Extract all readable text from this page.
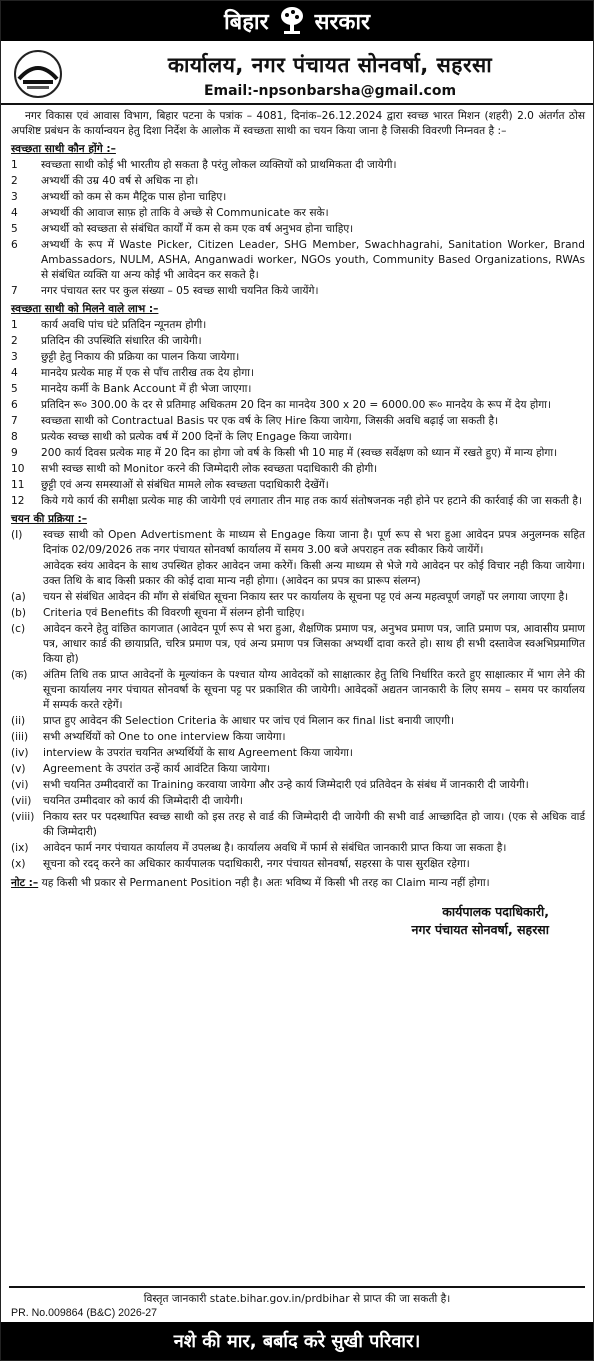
बिहार सरकार
कार्यालय, नगर पंचायत सोनवर्षा, सहरसा
Email:-npsonbarsha@gmail.com

नगर विकास एवं आवास विभाग, बिहार पटना के पत्रांक – 4081, दिनांक–26.12.2024 द्वारा स्वच्छ भारत मिशन (शहरी) 2.0 अंतर्गत ठोस अपशिष्ट प्रबंधन के कार्यान्वयन हेतु दिशा निर्देश के आलोक में स्वच्छता साथी का चयन किया जाना है जिसकी विवरणी निम्नवत है :–

स्वच्छता साथी कौन होंगे :–
1	स्वच्छता साथी कोई भी भारतीय हो सकता है परंतु लोकल व्यक्तियों को प्राथमिकता दी जायेगी।
2	अभ्यर्थी की उम्र 40 वर्ष से अधिक ना हो।
3	अभ्यर्थी को कम से कम मैट्रिक पास होना चाहिए।
4	अभ्यर्थी की आवाज साफ़ हो ताकि वे अच्छे से Communicate कर सके।
5	अभ्यर्थी को स्वच्छता से संबंधित कार्यों में कम से कम एक वर्ष अनुभव होना चाहिए।
6	अभ्यर्थी के रूप में Waste Picker, Citizen Leader, SHG Member, Swachhagrahi, Sanitation Worker, Brand Ambassadors, NULM, ASHA, Anganwadi worker, NGOs youth, Community Based Organizations, RWAs से संबंधित व्यक्ति या अन्य कोई भी आवेदन कर सकते है।
7	नगर पंचायत स्तर पर कुल संख्या – 05 स्वच्छ साथी चयनित किये जायेंगे।
स्वच्छता साथी को मिलने वाले लाभ :–
1	कार्य अवधि पांच घंटे प्रतिदिन न्यूनतम होगी।
2	प्रतिदिन की उपस्थिति संधारित की जायेगी।
3	छुट्टी हेतु निकाय की प्रक्रिया का पालन किया जायेगा।
4	मानदेय प्रत्येक माह में एक से पाँच तारीख तक देय होगा।
5	मानदेय कर्मी के Bank Account में ही भेजा जाएगा।
6	प्रतिदिन रू० 300.00 के दर से प्रतिमाह अधिकतम 20 दिन का मानदेय 300 x 20 = 6000.00 रू० मानदेय के रूप में देय होगा।
7	स्वच्छता साथी को Contractual Basis पर एक वर्ष के लिए Hire किया जायेगा, जिसकी अवधि बढ़ाई जा सकती है।
8	प्रत्येक स्वच्छ साथी को प्रत्येक वर्ष में 200 दिनों के लिए Engage किया जायेगा।
9	200 कार्य दिवस प्रत्येक माह में 20 दिन का होगा जो वर्ष के किसी भी 10 माह में (स्वच्छ सर्वेक्षण को ध्यान में रखते हुए) में मान्य होगा।
10	सभी स्वच्छ साथी को Monitor करने की जिम्मेदारी लोक स्वच्छता पदाधिकारी की होगी।
11	छुट्टी एवं अन्य समस्याओं से संबंधित मामले लोक स्वच्छता पदाधिकारी देखेंगें।
12	किये गये कार्य की समीक्षा प्रत्येक माह की जायेगी एवं लगातार तीन माह तक कार्य संतोषजनक नही होने पर हटाने की कार्रवाई की जा सकती है।
चयन की प्रक्रिया :–
(I)	स्वच्छ साथी को Open Advertisment के माध्यम से Engage किया जाना है। पूर्ण रूप से भरा हुआ आवेदन प्रपत्र अनुलग्नक सहित दिनांक 02/09/2026 तक नगर पंचायत सोनवर्षा कार्यालय में समय 3.00 बजे अपराहन तक स्वीकार किये जायेंगें।
आवेदक स्वंय आवेदन के साथ उपस्थित होकर आवेदन जमा करेगें। किसी अन्य माध्यम से भेजे गये आवेदन पर कोई विचार नही किया जायेगा। उक्त तिथि के बाद किसी प्रकार की कोई दावा मान्य नही होगा। (आवेदन का प्रपत्र का प्रारूप संलग्न)
(a)	चयन से संबंधित आवेदन की मॉंग से संबंधित सूचना निकाय स्तर पर कार्यालय के सूचना पट्ट एवं अन्य महत्वपूर्ण जगहों पर लगाया जाएगा है।
(b)	Criteria एवं Benefits की विवरणी सूचना में संलग्न होनी चाहिए।
(c)	आवेदन करने हेतु वांछित कागजात (आवेदन पूर्ण रूप से भरा हुआ, शैक्षणिक प्रमाण पत्र, अनुभव प्रमाण पत्र, जाति प्रमाण पत्र, आवासीय प्रमाण पत्र, आधार कार्ड की छायाप्रति, चरित्र प्रमाण पत्र, एवं अन्य प्रमाण पत्र जिसका अभ्यर्थी दावा करते हो। साथ ही सभी दस्तावेज स्वअभिप्रमाणित किया हो)
(क)	अंतिम तिथि तक प्राप्त आवेदनों के मूल्यांकन के पश्चात योग्य आवेदकों को साक्षात्कार हेतु तिथि निर्धारित करते हुए साक्षात्कार में भाग लेने की सूचना कार्यालय नगर पंचायत सोनवर्षा के सूचना पट्ट पर प्रकाशित की जायेगी। आवेदकों अद्यतन जानकारी के लिए समय – समय पर कार्यालय में सम्पर्क करते रहेगें।
(ii)	प्राप्त हुए आवेदन की Selection Criteria के आधार पर जांच एवं मिलान कर final list बनायी जाएगी।
(iii)	सभी अभ्यर्थियों को One to one interview किया जायेगा।
(iv)	interview के उपरांत चयनित अभ्यर्थियों के साथ Agreement किया जायेगा।
(v)	Agreement के उपरांत उन्हें कार्य आवंटित किया जायेगा।
(vi)	सभी चयनित उम्मीदवारों का Training करवाया जायेगा और उन्हे कार्य जिम्मेदारी एवं प्रतिवेदन के संबंध में जानकारी दी जायेगी।
(vii)	चयनित उम्मीदवार को कार्य की जिम्मेदारी दी जायेगी।
(viii) निकाय स्तर पर पदस्थापित स्वच्छ साथी को इस तरह से वार्ड की जिम्मेदारी दी जायेगी की सभी वार्ड आच्छादित हो जाय। (एक से अधिक वार्ड की जिम्मेदारी)
(ix)	आवेदन फार्म नगर पंचायत कार्यालय में उपलब्ध है। कार्यालय अवधि में फार्म से संबंधित जानकारी प्राप्त किया जा सकता है।
(x)	सूचना को रदद् करने का अधिकार कार्यपालक पदाधिकारी, नगर पंचायत सोनवर्षा, सहरसा के पास सुरक्षित रहेगा।
नोट :– यह किसी भी प्रकार से Permanent Position नही है। अतः भविष्य में किसी भी तरह का Claim मान्य नहीं होगा।
कार्यपालक पदाधिकारी,
नगर पंचायत सोनवर्षा, सहरसा
विस्तृत जानकारी state.bihar.gov.in/prdbihar से प्राप्त की जा सकती है।
PR. No.009864 (B&C) 2026-27
नशे की मार, बर्बाद करे सुखी परिवार।
